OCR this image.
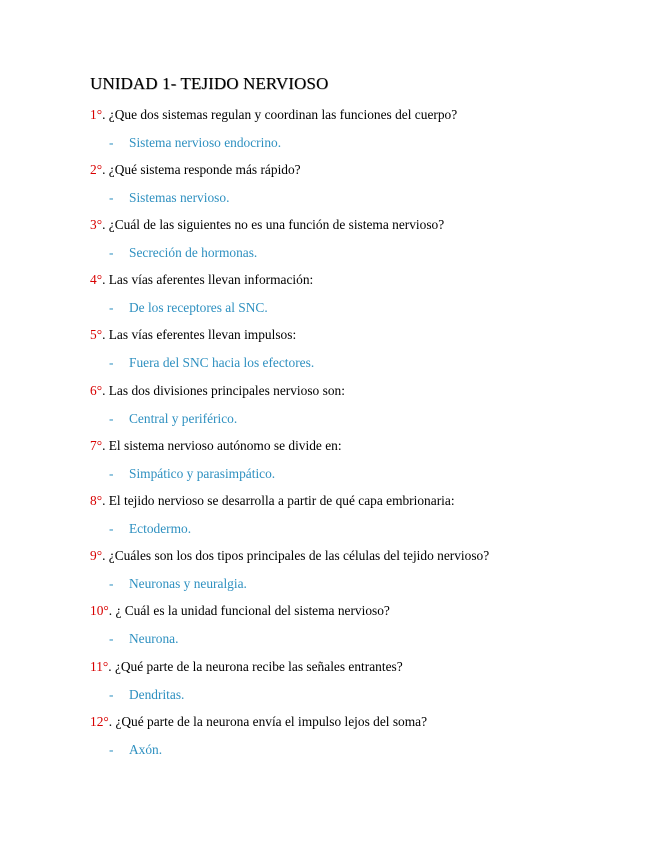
UNIDAD 1- TEJIDO NERVIOSO
1°. ¿Que dos sistemas regulan y coordinan las funciones del cuerpo?
- Sistema nervioso endocrino.
2°. ¿Qué sistema responde más rápido?
- Sistemas nervioso.
3°. ¿Cuál de las siguientes no es una función de sistema nervioso?
- Secreción de hormonas.
4°. Las vías aferentes llevan información:
- De los receptores al SNC.
5°. Las vías eferentes llevan impulsos:
- Fuera del SNC hacia los efectores.
6°. Las dos divisiones principales nervioso son:
- Central y periférico.
7°. El sistema nervioso autónomo se divide en:
- Simpático y parasimpático.
8°. El tejido nervioso se desarrolla a partir de qué capa embrionaria:
- Ectodermo.
9°. ¿Cuáles son los dos tipos principales de las células del tejido nervioso?
- Neuronas y neuralgia.
10°. ¿ Cuál es la unidad funcional del sistema nervioso?
- Neurona.
11°. ¿Qué parte de la neurona recibe las señales entrantes?
- Dendritas.
12°. ¿Qué parte de la neurona envía el impulso lejos del soma?
- Axón.
